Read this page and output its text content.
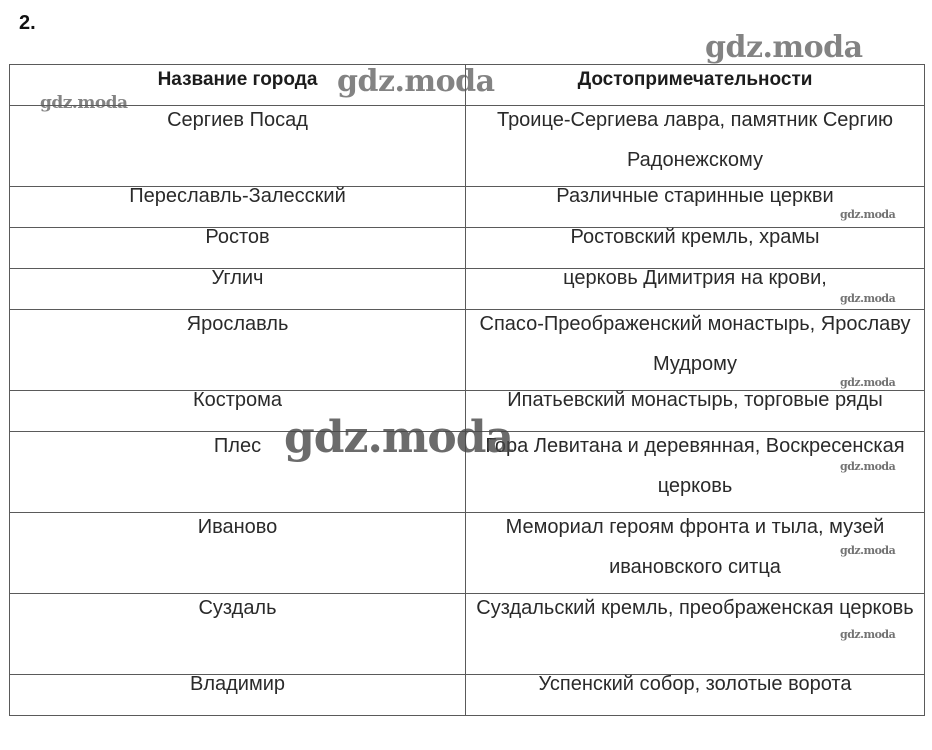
2.
Название города	Достопримечательности

Сергиев Посад	Троице-Сергиева лавра, памятник Сергию Радонежскому

Переславль-Залесский	Различные старинные церкви

Ростов	Ростовский кремль, храмы

Углич	церковь Димитрия на крови,

Ярославль	Спасо-Преображенский монастырь, Ярославу Мудрому

Кострома	Ипатьевский монастырь, торговые ряды

Плес	Гора Левитана и деревянная, Воскресенская церковь

Иваново	Мемориал героям фронта и тыла, музей ивановского ситца

Суздаль	Суздальский кремль, преображенская церковь

Владимир	Успенский собор, золотые ворота
gdz.moda
gdz.moda
gdz.moda
gdz.moda
gdz.moda
gdz.moda
gdz.moda
gdz.moda
gdz.moda
gdz.moda
